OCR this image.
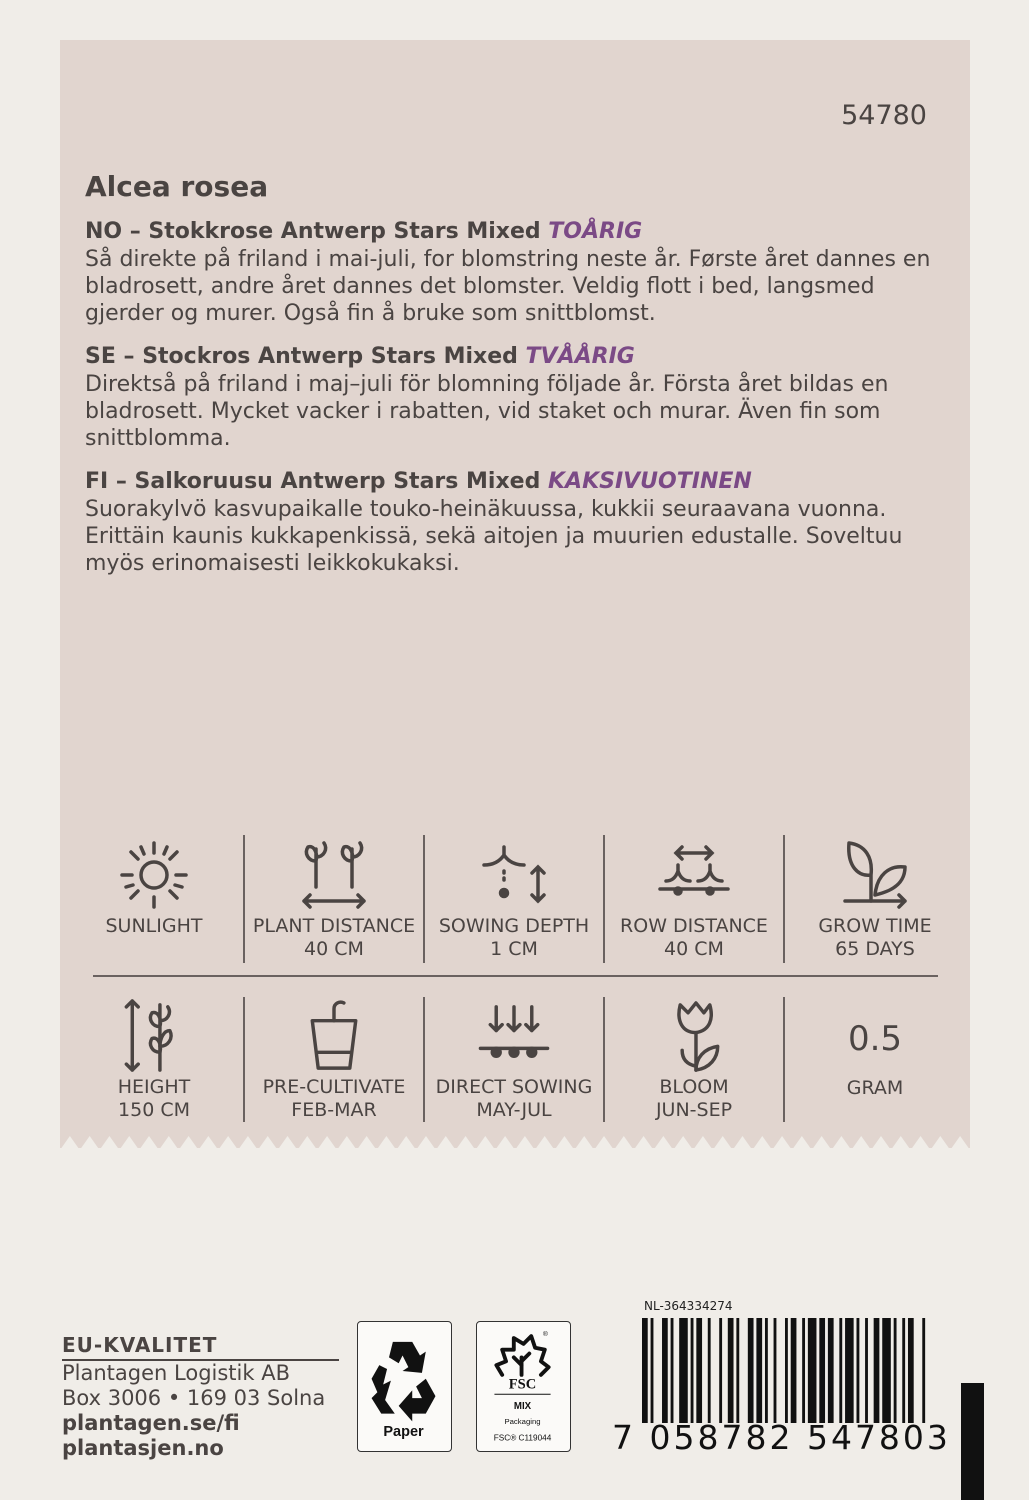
54780
Alcea rosea
NO – Stokkrose Antwerp Stars Mixed TOÅRIG

Så direkte på friland i mai-juli, for blomstring neste år. Første året dannes en bladrosett, andre året dannes det blomster. Veldig flott i bed, langsmed gjerder og murer. Også fin å bruke som snittblomst.

SE – Stockros Antwerp Stars Mixed TVÅÅRIG

Direktså på friland i maj–juli för blomning följade år. Första året bildas en bladrosett. Mycket vacker i rabatten, vid staket och murar. Även fin som snittblomma.

FI – Salkoruusu Antwerp Stars Mixed KAKSIVUOTINEN

Suorakylvö kasvupaikalle touko-heinäkuussa, kukkii seuraavana vuonna. Erittäin kaunis kukkapenkissä, sekä aitojen ja muurien edustalle. Soveltuu myös erinomaisesti leikkokukaksi.

SUNLIGHT	PLANT DISTANCE
40 CM
SOWING DEPTH
1 CM
ROW DISTANCE
40 CM
GROW TIME
65 DAYS
HEIGHT
150 CM
PRE-CULTIVATE
FEB-MAR
DIRECT SOWING
MAY-JUL
BLOOM
JUN-SEP
0.5
GRAM
EU-KVALITET
Plantagen Logistik AB
Box 3006 • 169 03 Solna
plantagen.se/fi
plantasjen.no
Paper
®
FSC
MIX
Packaging
FSC® C119044
NL-364334274
7 058782 547803
